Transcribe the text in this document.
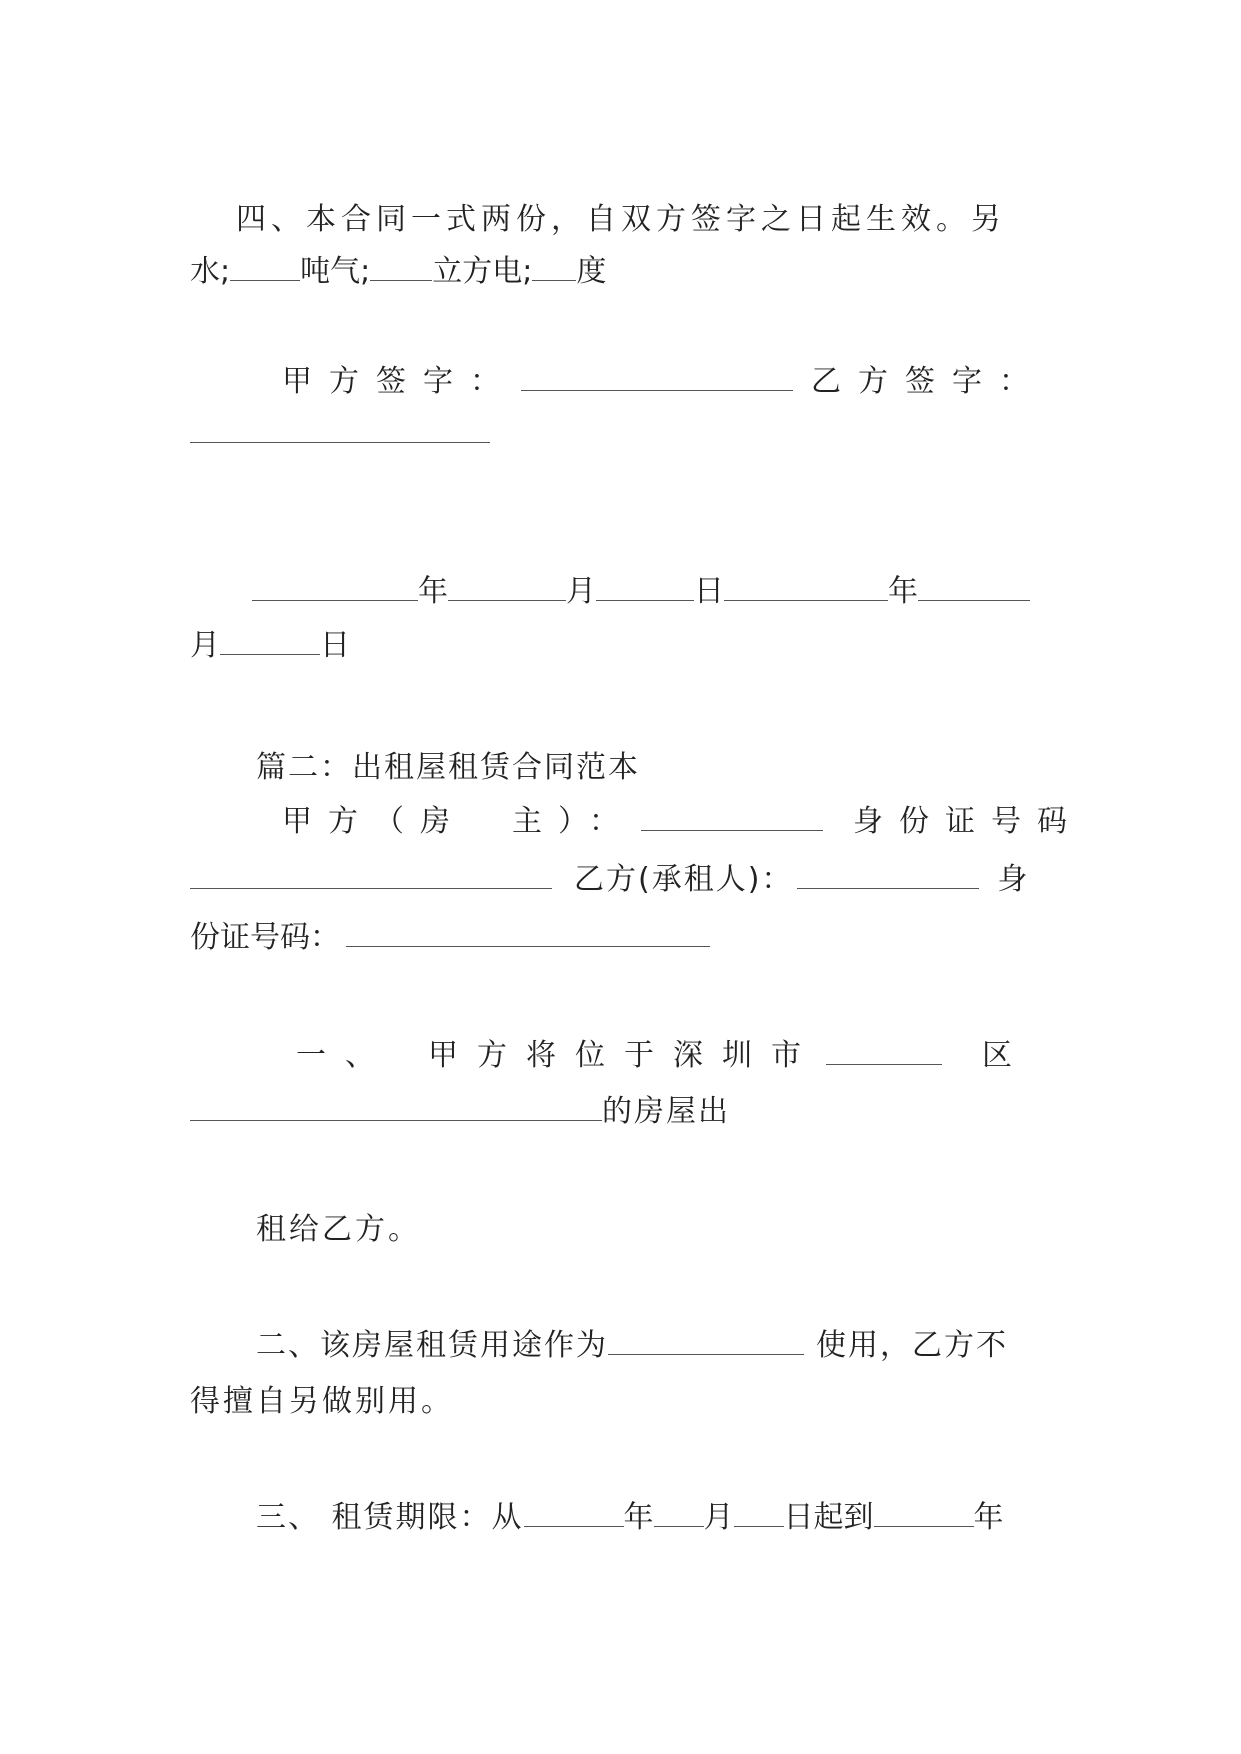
四、本合同一式两份，自双方签字之日起生效。另
水; 吨气; 立方电; 度
甲方签字：	乙方签字：
年	月	日	年
月	日
篇二：出租屋租赁合同范本
甲方（房　主）：	身份证号码
乙方(承租人)：	身
份证号码：
一、　甲方将位于深圳市	区
的房屋出
租给乙方。
二、该房屋租赁用途作为	使用，乙方不
得擅自另做别用。
三、 租赁期限：从	年 月 日起到	年
